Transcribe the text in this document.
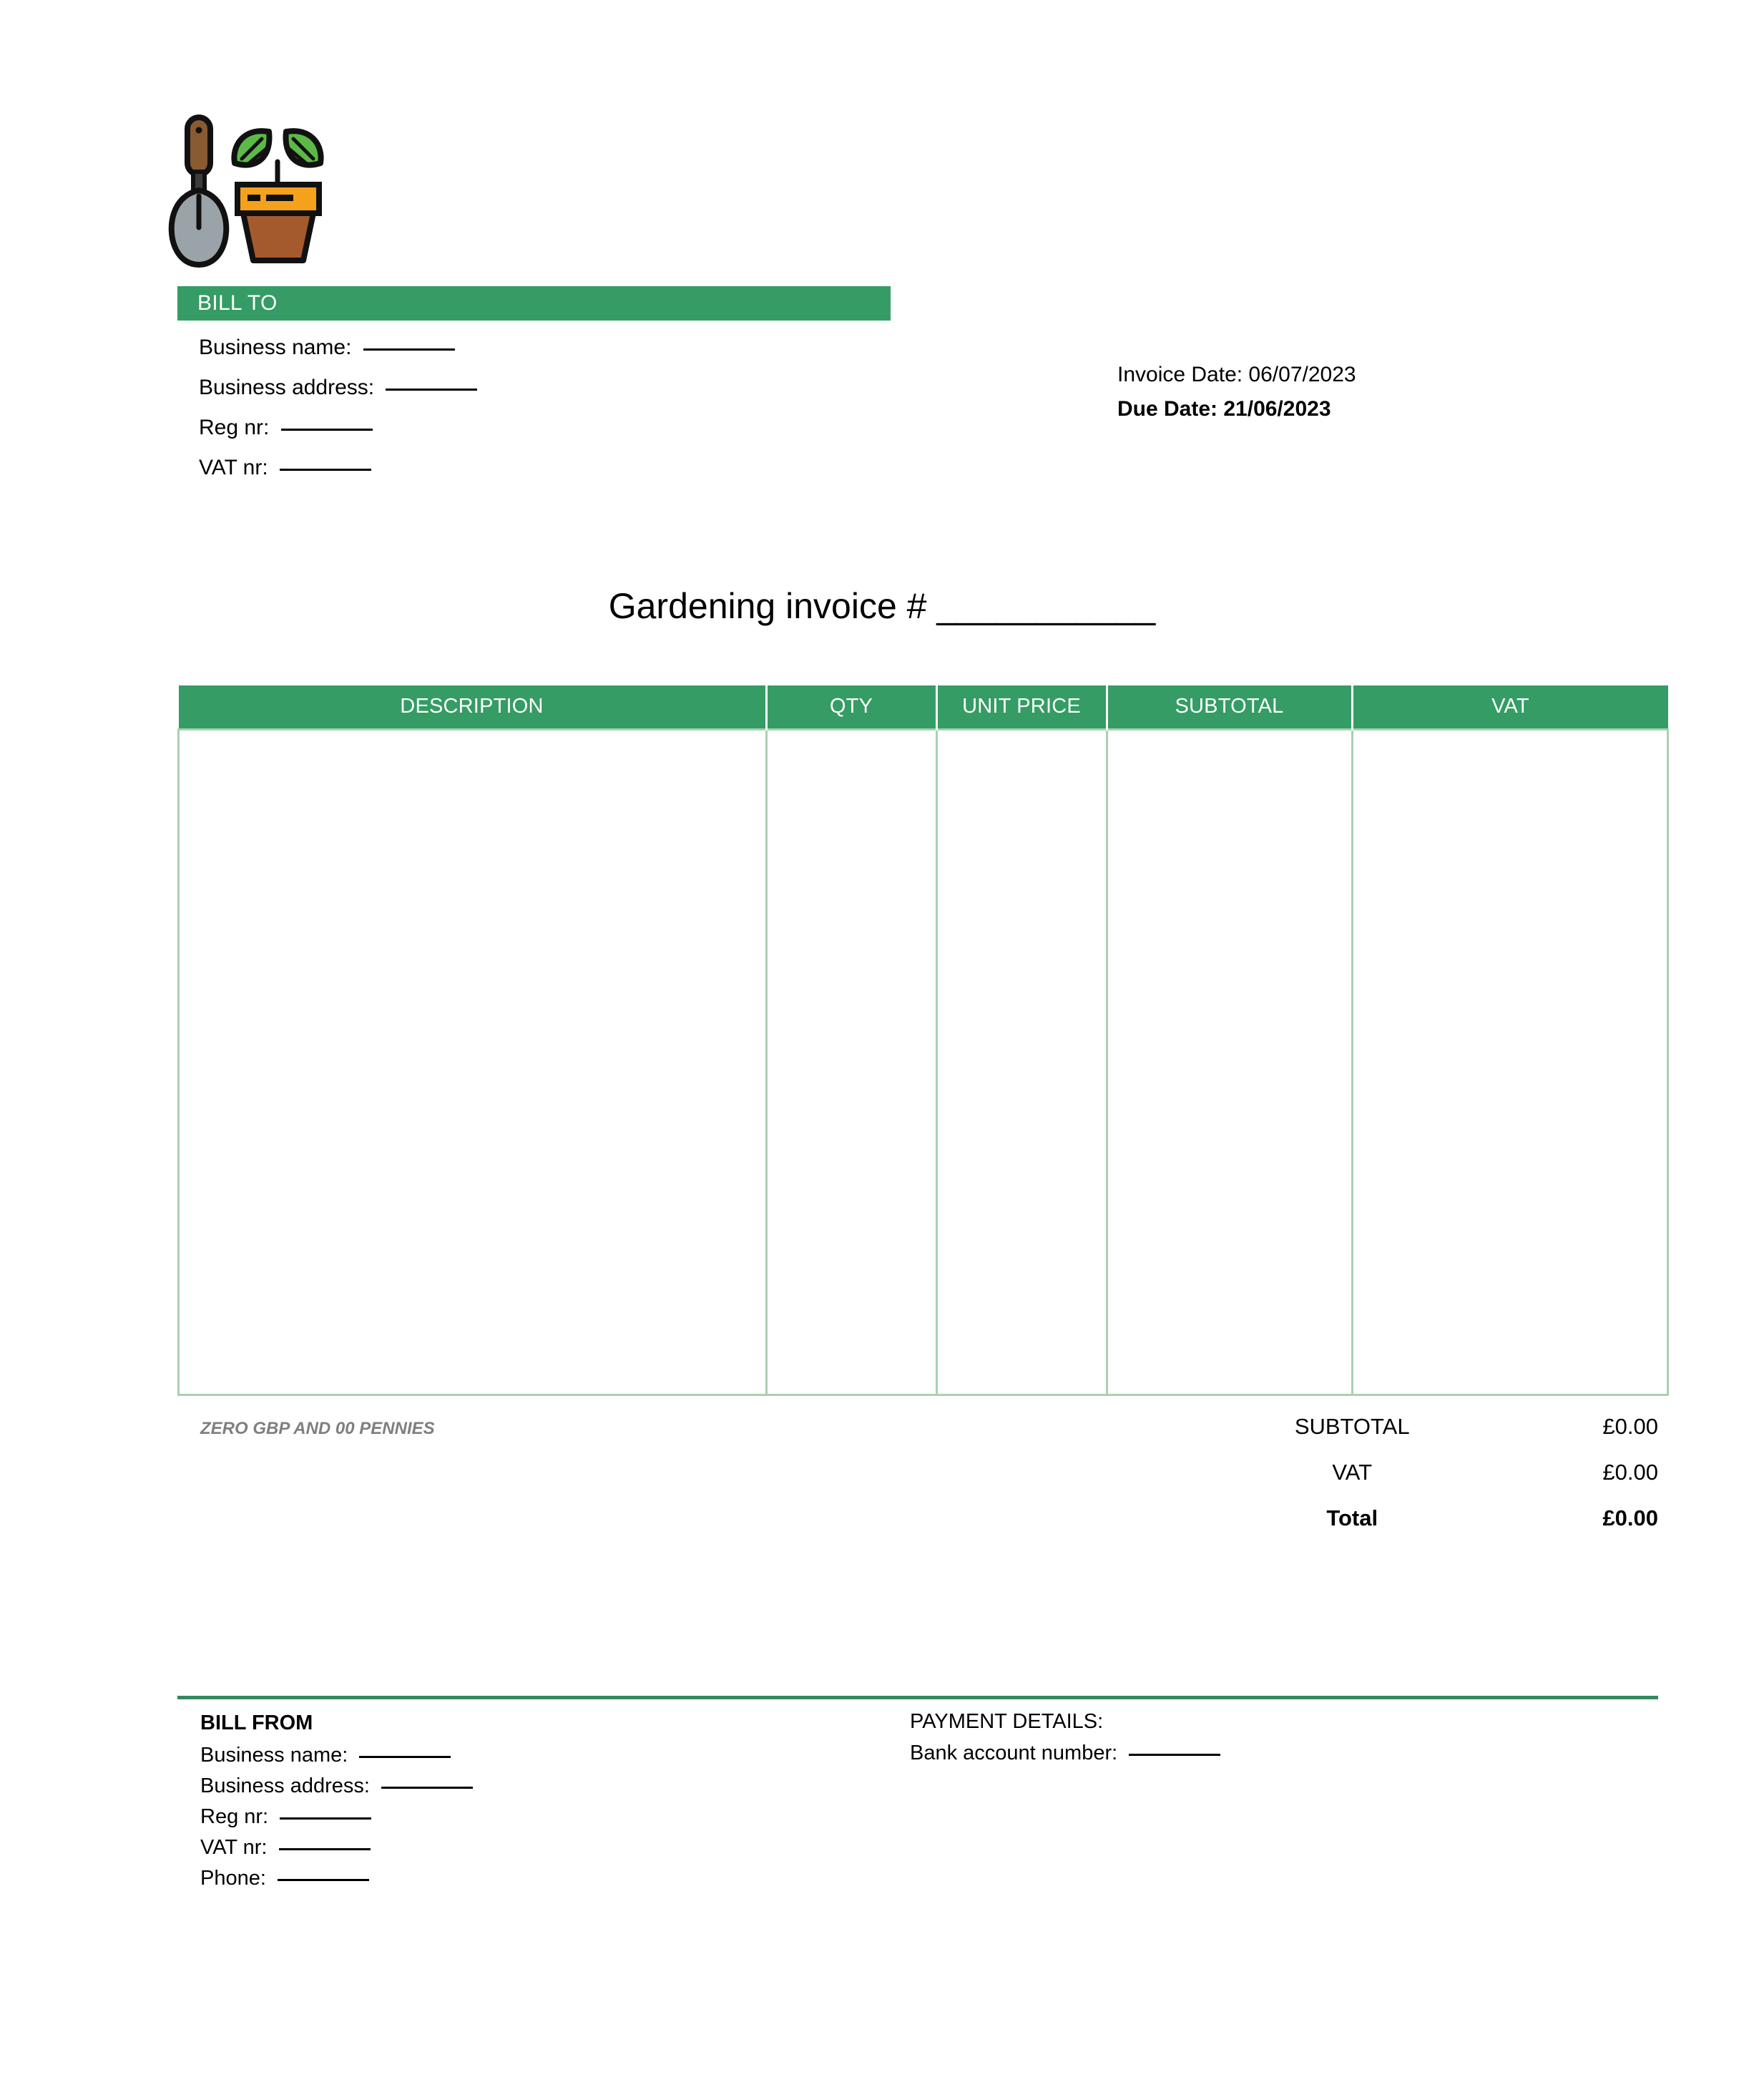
BILL TO
Business name:
Business address:
Reg nr:
VAT nr:
Invoice Date: 06/07/2023
Due Date: 21/06/2023
Gardening invoice # ___________
DESCRIPTION	QTY	UNIT PRICE	SUBTOTAL	VAT

ZERO GBP AND 00 PENNIES	SUBTOTAL	£0.00
VAT	£0.00
Total	£0.00
BILL FROM
Business name:
Business address:
Reg nr:
VAT nr:
Phone:
PAYMENT DETAILS:
Bank account number:
